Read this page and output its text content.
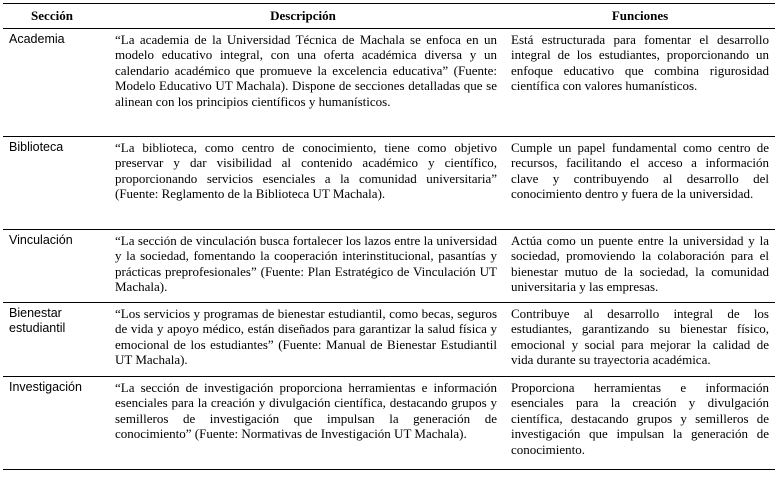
Sección	Descripción	Funciones
Academia	“La academia de la Universidad Técnica de Machala se enfoca en un modelo educativo integral, con una oferta académica diversa y un calendario académico que promueve la excelencia educativa” (Fuente: Modelo Educativo UT Machala). Dispone de secciones detalladas que se alinean con los principios científicos y humanísticos.	Está estructurada para fomentar el desarrollo integral de los estudiantes, proporcionando un enfoque educativo que combina rigurosidad científica con valores humanísticos.
Biblioteca	“La biblioteca, como centro de conocimiento, tiene como objetivo preservar y dar visibilidad al contenido académico y científico, proporcionando servicios esenciales a la comunidad universitaria” (Fuente: Reglamento de la Biblioteca UT Machala).	Cumple un papel fundamental como centro de recursos, facilitando el acceso a información clave y contribuyendo al desarrollo del conocimiento dentro y fuera de la universidad.
Vinculación	“La sección de vinculación busca fortalecer los lazos entre la universidad y la sociedad, fomentando la cooperación interinstitucional, pasantías y prácticas preprofesionales” (Fuente: Plan Estratégico de Vinculación UT Machala).	Actúa como un puente entre la universidad y la sociedad, promoviendo la colaboración para el bienestar mutuo de la sociedad, la comunidad universitaria y las empresas.
Bienestar estudiantil	“Los servicios y programas de bienestar estudiantil, como becas, seguros de vida y apoyo médico, están diseñados para garantizar la salud física y emocional de los estudiantes” (Fuente: Manual de Bienestar Estudiantil UT Machala).	Contribuye al desarrollo integral de los estudiantes, garantizando su bienestar físico, emocional y social para mejorar la calidad de vida durante su trayectoria académica.
Investigación	“La sección de investigación proporciona herramientas e información esenciales para la creación y divulgación científica, destacando grupos y semilleros de investigación que impulsan la generación de conocimiento” (Fuente: Normativas de Investigación UT Machala).	Proporciona herramientas e información esenciales para la creación y divulgación científica, destacando grupos y semilleros de investigación que impulsan la generación de conocimiento.
